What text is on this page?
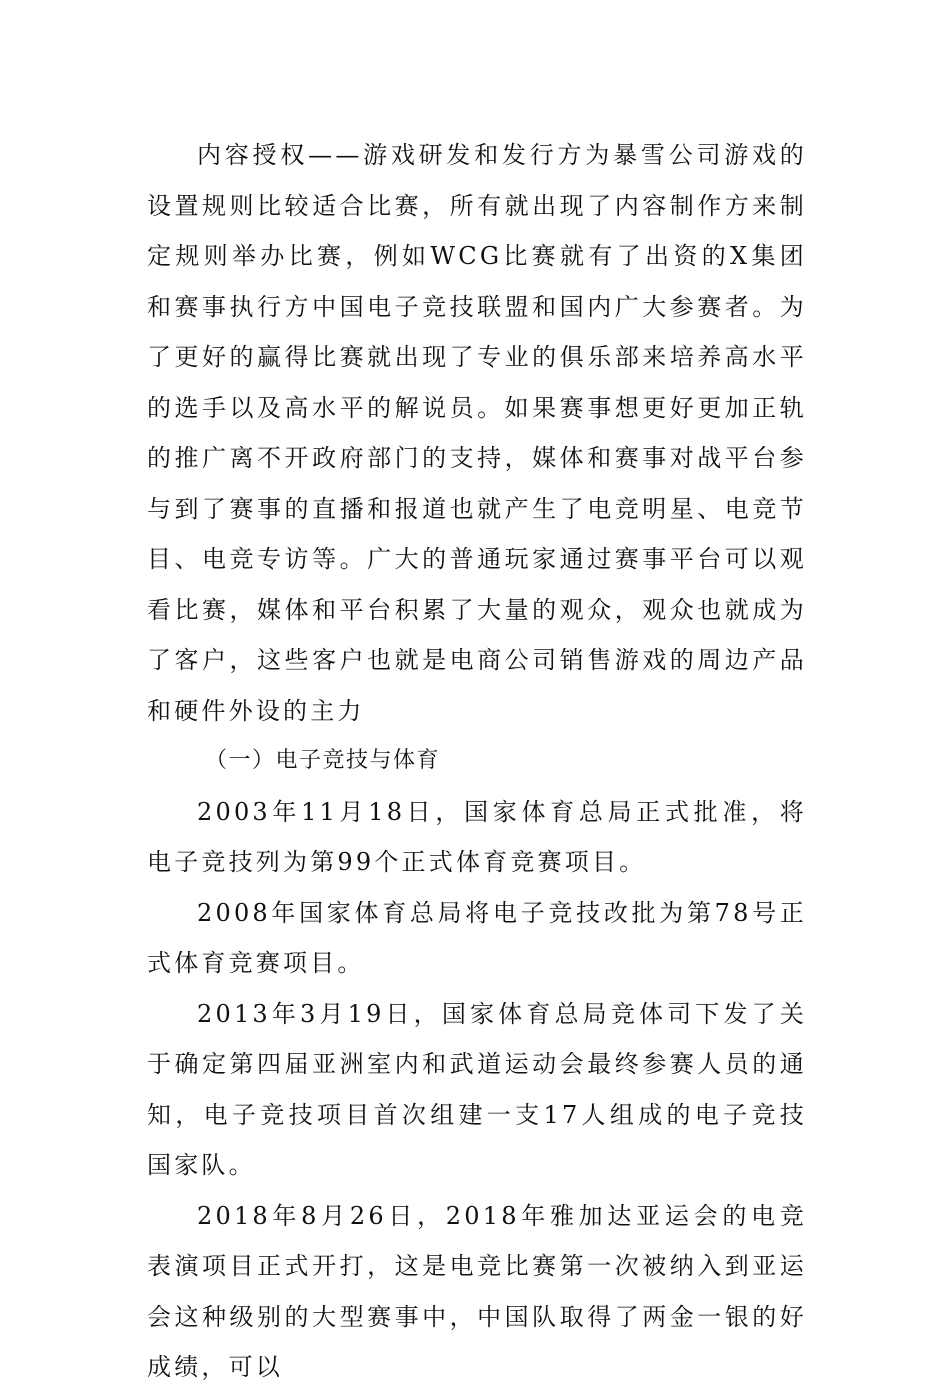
内容授权——游戏研发和发行方为暴雪公司游戏的设置规则比较适合比赛，所有就出现了内容制作方来制定规则举办比赛，例如WCG比赛就有了出资的X集团和赛事执行方中国电子竞技联盟和国内广大参赛者。为了更好的赢得比赛就出现了专业的俱乐部来培养高水平的选手以及高水平的解说员。如果赛事想更好更加正轨的推广离不开政府部门的支持，媒体和赛事对战平台参与到了赛事的直播和报道也就产生了电竞明星、电竞节目、电竞专访等。广大的普通玩家通过赛事平台可以观看比赛，媒体和平台积累了大量的观众，观众也就成为了客户，这些客户也就是电商公司销售游戏的周边产品和硬件外设的主力

（一）电子竞技与体育

2003年11月18日，国家体育总局正式批准，将电子竞技列为第99个正式体育竞赛项目。

2008年国家体育总局将电子竞技改批为第78号正式体育竞赛项目。

2013年3月19日，国家体育总局竞体司下发了关于确定第四届亚洲室内和武道运动会最终参赛人员的通知，电子竞技项目首次组建一支17人组成的电子竞技国家队。

2018年8月26日，2018年雅加达亚运会的电竞表演项目正式开打，这是电竞比赛第一次被纳入到亚运会这种级别的大型赛事中，中国队取得了两金一银的好成绩，可以
